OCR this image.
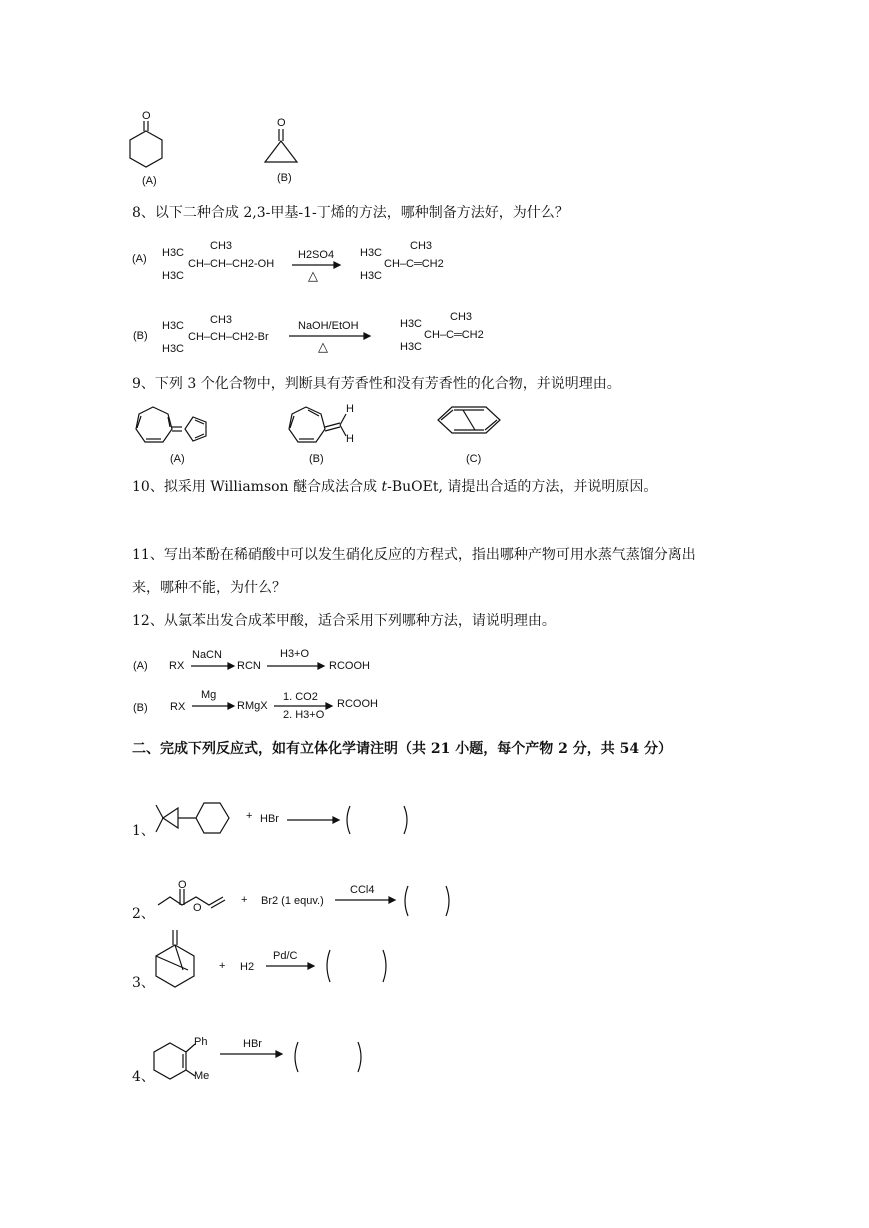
O
O
(A)	(B)
8、以下二种合成 2,3-甲基-1-丁烯的方法，哪种制备方法好，为什么？
(A) H3C
CH3
CH–CH–CH2-OH
H3C
H2SO4
△
H3C
CH3
CH–C═CH2
H3C
(B)
H3C CH3
CH–CH–CH2-Br
H3C
NaOH/EtOH
△
H3C
CH3
CH–C═CH2
H3C
9、下列 3 个化合物中，判断具有芳香性和没有芳香性的化合物，并说明理由。
H
H
(A)	(B)	(C)
10、拟采用 Williamson 醚合成法合成 t-BuOEt, 请提出合适的方法，并说明原因。
11、写出苯酚在稀硝酸中可以发生硝化反应的方程式，指出哪种产物可用水蒸气蒸馏分离出
来，哪种不能，为什么？
12、从氯苯出发合成苯甲酸，适合采用下列哪种方法，请说明理由。
(A) RX
NaCN
RCN
H3+O
RCOOH
(B) RX
Mg
RMgX
1. CO2
2. H3+O
RCOOH
二、完成下列反应式，如有立体化学请注明（共 21 小题，每个产物 2 分，共 54 分）
1、
+ HBr
O
O
2、
+ Br2 (1 equv.)
CCl4
3、
+ H2
Pd/C
4、
Ph
Me
HBr
